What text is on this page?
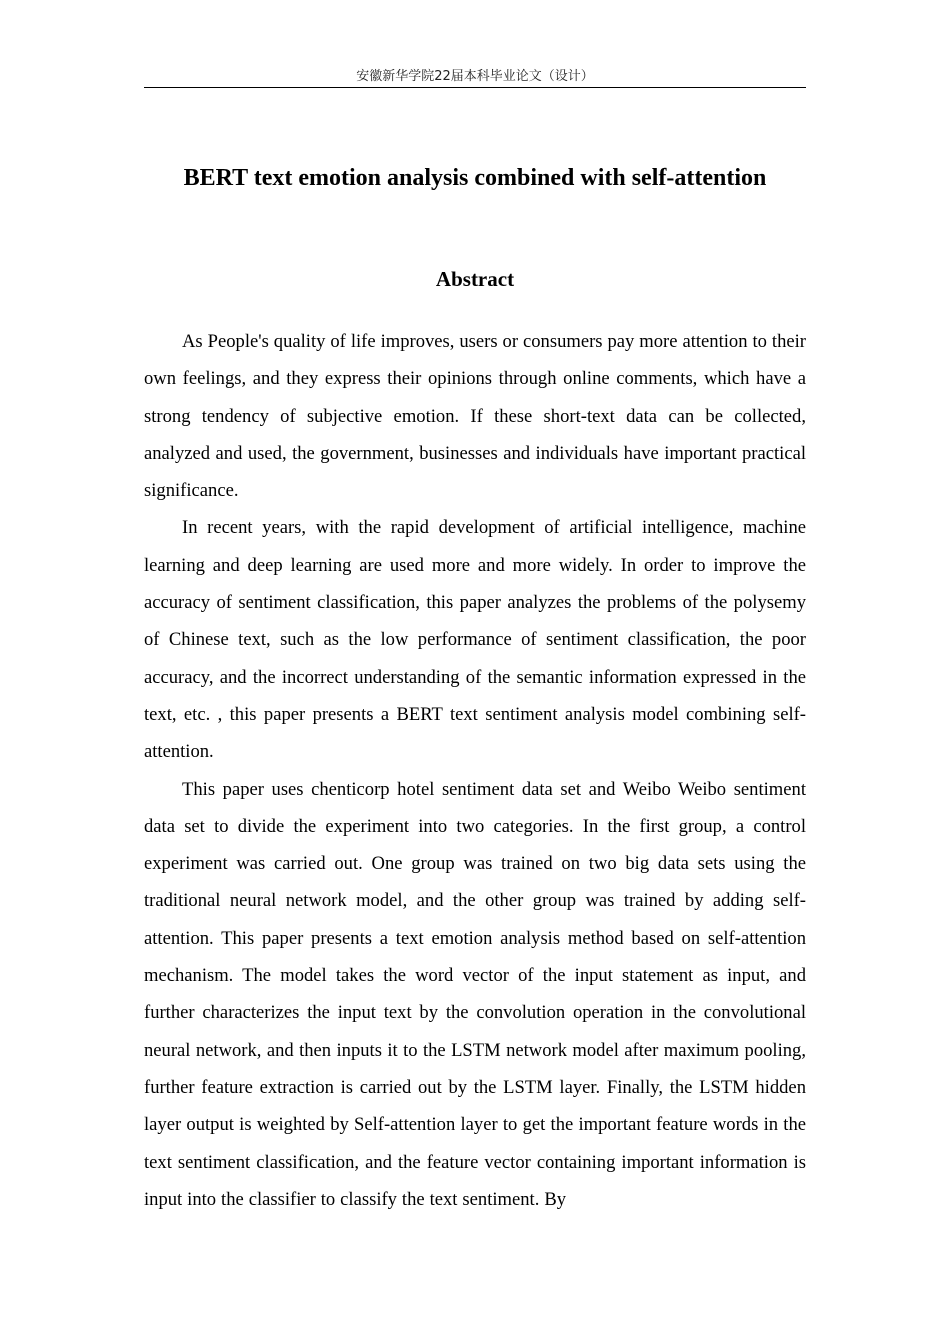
安徽新华学院22届本科毕业论文（设计）
BERT text emotion analysis combined with self-attention
Abstract

As People's quality of life improves, users or consumers pay more attention to their own feelings, and they express their opinions through online comments, which have a strong tendency of subjective emotion. If these short-text data can be collected, analyzed and used, the government, businesses and individuals have important practical significance.

In recent years, with the rapid development of artificial intelligence, machine learning and deep learning are used more and more widely. In order to improve the accuracy of sentiment classification, this paper analyzes the problems of the polysemy of Chinese text, such as the low performance of sentiment classification, the poor accuracy, and the incorrect understanding of the semantic information expressed in the text, etc. , this paper presents a BERT text sentiment analysis model combining self-attention.

This paper uses chenticorp hotel sentiment data set and Weibo Weibo sentiment data set to divide the experiment into two categories. In the first group, a control experiment was carried out. One group was trained on two big data sets using the traditional neural network model, and the other group was trained by adding self-attention. This paper presents a text emotion analysis method based on self-attention mechanism. The model takes the word vector of the input statement as input, and further characterizes the input text by the convolution operation in the convolutional neural network, and then inputs it to the LSTM network model after maximum pooling, further feature extraction is carried out by the LSTM layer. Finally, the LSTM hidden layer output is weighted by Self-attention layer to get the important feature words in the text sentiment classification, and the feature vector containing important information is input into the classifier to classify the text sentiment. By
